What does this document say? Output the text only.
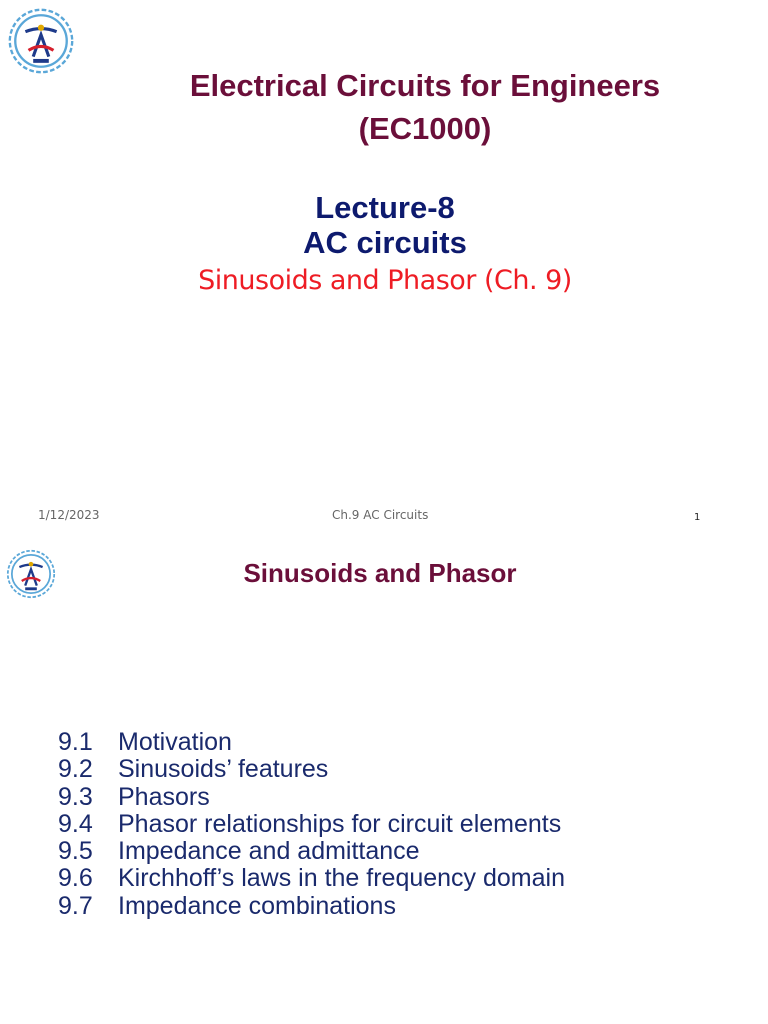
Electrical Circuits for Engineers
(EC1000)
Lecture-8
AC circuits
Sinusoids and Phasor (Ch. 9)
1/12/2023	Ch.9 AC Circuits	1
Sinusoids and Phasor
9.1	Motivation
9.2	Sinusoids’ features
9.3	Phasors
9.4	Phasor relationships for circuit elements
9.5	Impedance and admittance
9.6	Kirchhoff’s laws in the frequency domain
9.7	Impedance combinations
